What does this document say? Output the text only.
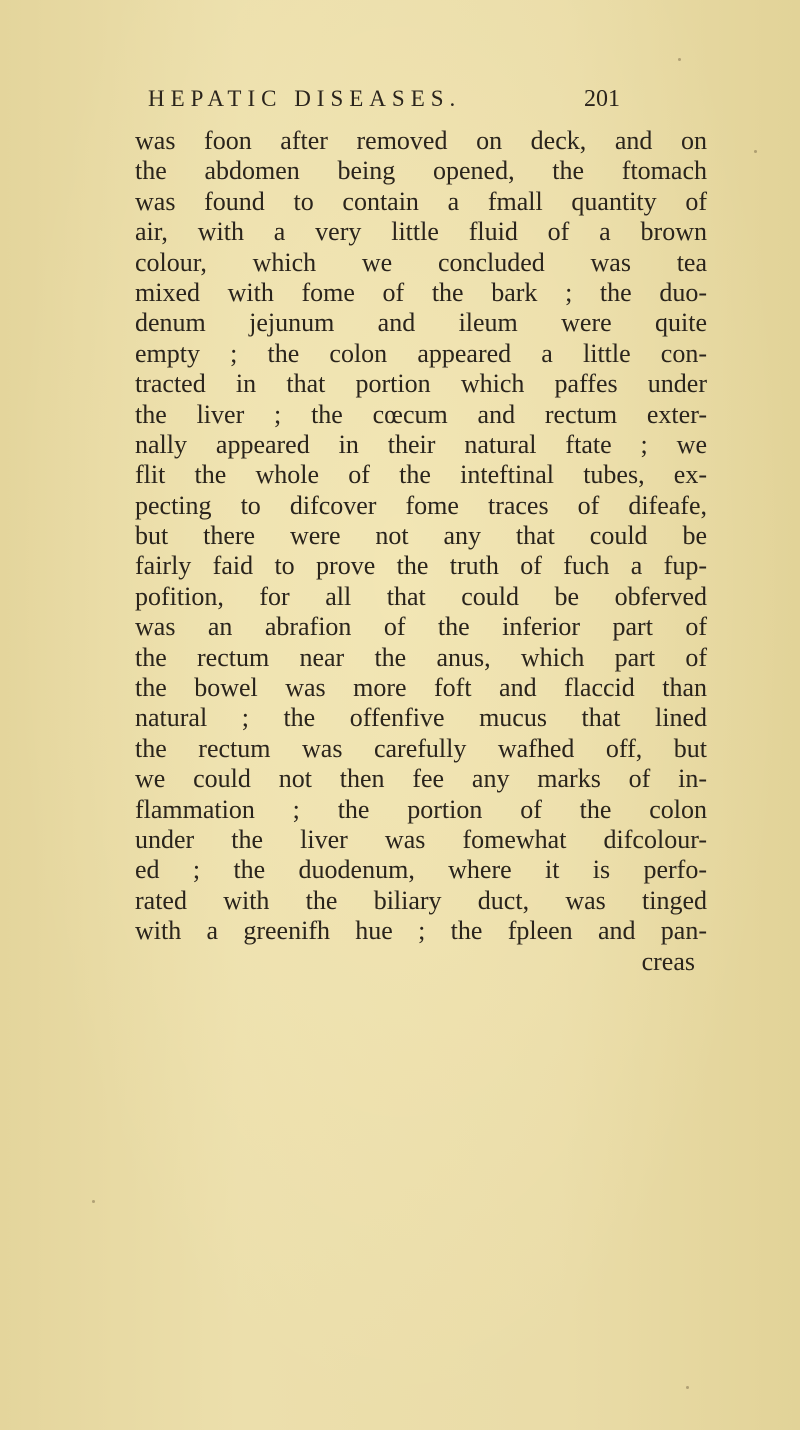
HEPATIC DISEASES.	201
was foon after removed on deck, and on
the abdomen being opened, the ftomach
was found to contain a fmall quantity of
air, with a very little fluid of a brown
colour, which we concluded was tea
mixed with fome of the bark ; the duo-
denum jejunum and ileum were quite
empty ; the colon appeared a little con-
tracted in that portion which paffes under
the liver ; the cœcum and rectum exter-
nally appeared in their natural ftate ; we
flit the whole of the inteftinal tubes, ex-
pecting to difcover fome traces of difeafe,
but there were not any that could be
fairly faid to prove the truth of fuch a fup-
pofition, for all that could be obferved
was an abrafion of the inferior part of
the rectum near the anus, which part of
the bowel was more foft and flaccid than
natural ; the offenfive mucus that lined
the rectum was carefully wafhed off, but
we could not then fee any marks of in-
flammation ; the portion of the colon
under the liver was fomewhat difcolour-
ed ; the duodenum, where it is perfo-
rated with the biliary duct, was tinged
with a greenifh hue ; the fpleen and pan-
creas
